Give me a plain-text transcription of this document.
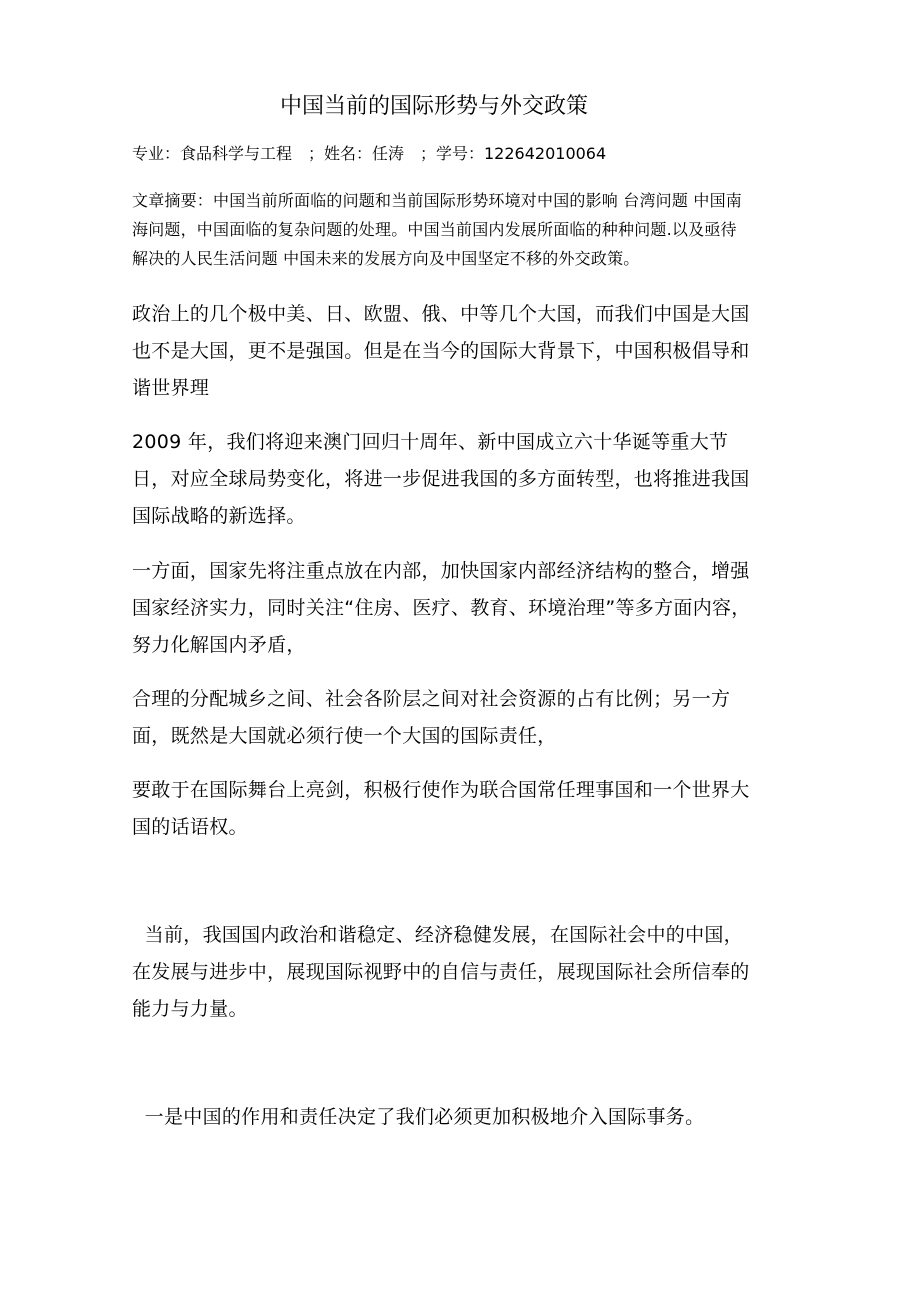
中国当前的国际形势与外交政策
专业：食品科学与工程　；姓名：任涛　；学号：122642010064
文章摘要：中国当前所面临的问题和当前国际形势环境对中国的影响 台湾问题 中国南
海问题，中国面临的复杂问题的处理。中国当前国内发展所面临的种种问题.以及亟待
解决的人民生活问题 中国未来的发展方向及中国坚定不移的外交政策。
政治上的几个极中美、日、欧盟、俄、中等几个大国，而我们中国是大国
也不是大国，更不是强国。但是在当今的国际大背景下，中国积极倡导和
谐世界理
2009 年，我们将迎来澳门回归十周年、新中国成立六十华诞等重大节
日，对应全球局势变化，将进一步促进我国的多方面转型，也将推进我国
国际战略的新选择。
一方面，国家先将注重点放在内部，加快国家内部经济结构的整合，增强
国家经济实力，同时关注“住房、医疗、教育、环境治理”等多方面内容，
努力化解国内矛盾，
合理的分配城乡之间、社会各阶层之间对社会资源的占有比例；另一方
面，既然是大国就必须行使一个大国的国际责任，
要敢于在国际舞台上亮剑，积极行使作为联合国常任理事国和一个世界大
国的话语权。
当前，我国国内政治和谐稳定、经济稳健发展，在国际社会中的中国，
在发展与进步中，展现国际视野中的自信与责任，展现国际社会所信奉的
能力与力量。
一是中国的作用和责任决定了我们必须更加积极地介入国际事务。
